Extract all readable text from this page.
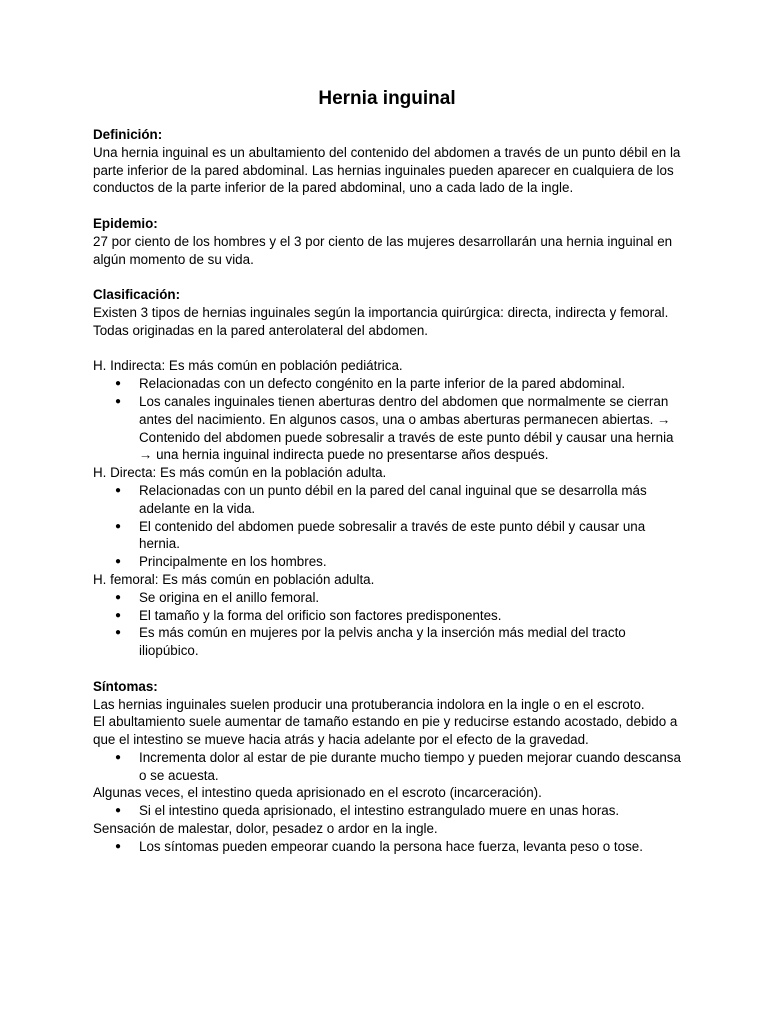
Hernia inguinal

Definición:

Una hernia inguinal es un abultamiento del contenido del abdomen a través de un punto débil en la parte inferior de la pared abdominal. Las hernias inguinales pueden aparecer en cualquiera de los conductos de la parte inferior de la pared abdominal, uno a cada lado de la ingle.

Epidemio:

27 por ciento de los hombres y el 3 por ciento de las mujeres desarrollarán una hernia inguinal en algún momento de su vida.

Clasificación:

Existen 3 tipos de hernias inguinales según la importancia quirúrgica: directa, indirecta y femoral. Todas originadas en la pared anterolateral del abdomen.

H. Indirecta: Es más común en población pediátrica.

● Relacionadas con un defecto congénito en la parte inferior de la pared abdominal.
● Los canales inguinales tienen aberturas dentro del abdomen que normalmente se cierran antes del nacimiento. En algunos casos, una o ambas aberturas permanecen abiertas. → Contenido del abdomen puede sobresalir a través de este punto débil y causar una hernia → una hernia inguinal indirecta puede no presentarse años después.

H. Directa: Es más común en la población adulta.

● Relacionadas con un punto débil en la pared del canal inguinal que se desarrolla más adelante en la vida.
● El contenido del abdomen puede sobresalir a través de este punto débil y causar una hernia.
● Principalmente en los hombres.

H. femoral: Es más común en población adulta.

● Se origina en el anillo femoral.
● El tamaño y la forma del orificio son factores predisponentes.
● Es más común en mujeres por la pelvis ancha y la inserción más medial del tracto iliopúbico.

Síntomas:

Las hernias inguinales suelen producir una protuberancia indolora en la ingle o en el escroto.

El abultamiento suele aumentar de tamaño estando en pie y reducirse estando acostado, debido a que el intestino se mueve hacia atrás y hacia adelante por el efecto de la gravedad.

● Incrementa dolor al estar de pie durante mucho tiempo y pueden mejorar cuando descansa o se acuesta.

Algunas veces, el intestino queda aprisionado en el escroto (incarceración).

● Si el intestino queda aprisionado, el intestino estrangulado muere en unas horas.

Sensación de malestar, dolor, pesadez o ardor en la ingle.

● Los síntomas pueden empeorar cuando la persona hace fuerza, levanta peso o tose.
